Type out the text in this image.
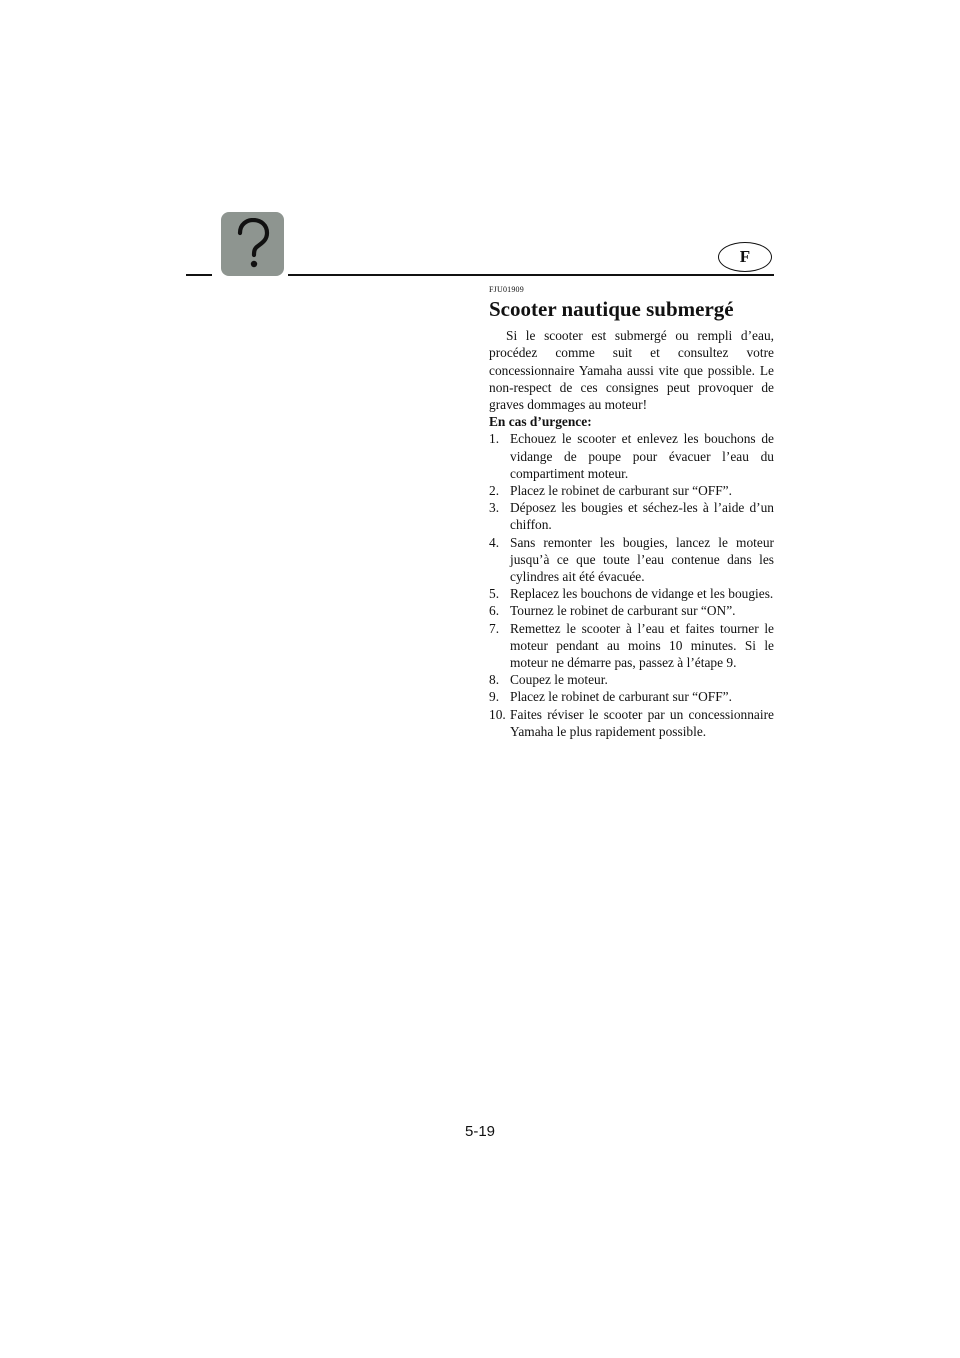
F
FJU01909
Scooter nautique submergé

Si le scooter est submergé ou rempli d’eau, procédez comme suit et consultez votre concessionnaire Yamaha aussi vite que possible. Le non-respect de ces consignes peut provoquer de graves dommages au moteur!

En cas d’urgence:

1. Echouez le scooter et enlevez les bouchons de vidange de poupe pour évacuer l’eau du compartiment moteur.
2. Placez le robinet de carburant sur “OFF”.
3. Déposez les bougies et séchez-les à l’aide d’un chiffon.
4. Sans remonter les bougies, lancez le moteur jusqu’à ce que toute l’eau contenue dans les cylindres ait été évacuée.
5. Replacez les bouchons de vidange et les bougies.
6. Tournez le robinet de carburant sur “ON”.
7. Remettez le scooter à l’eau et faites tourner le moteur pendant au moins 10 minutes. Si le moteur ne démarre pas, passez à l’étape 9.
8. Coupez le moteur.
9. Placez le robinet de carburant sur “OFF”.
10. Faites réviser le scooter par un concessionnaire Yamaha le plus rapidement possible.
5-19
